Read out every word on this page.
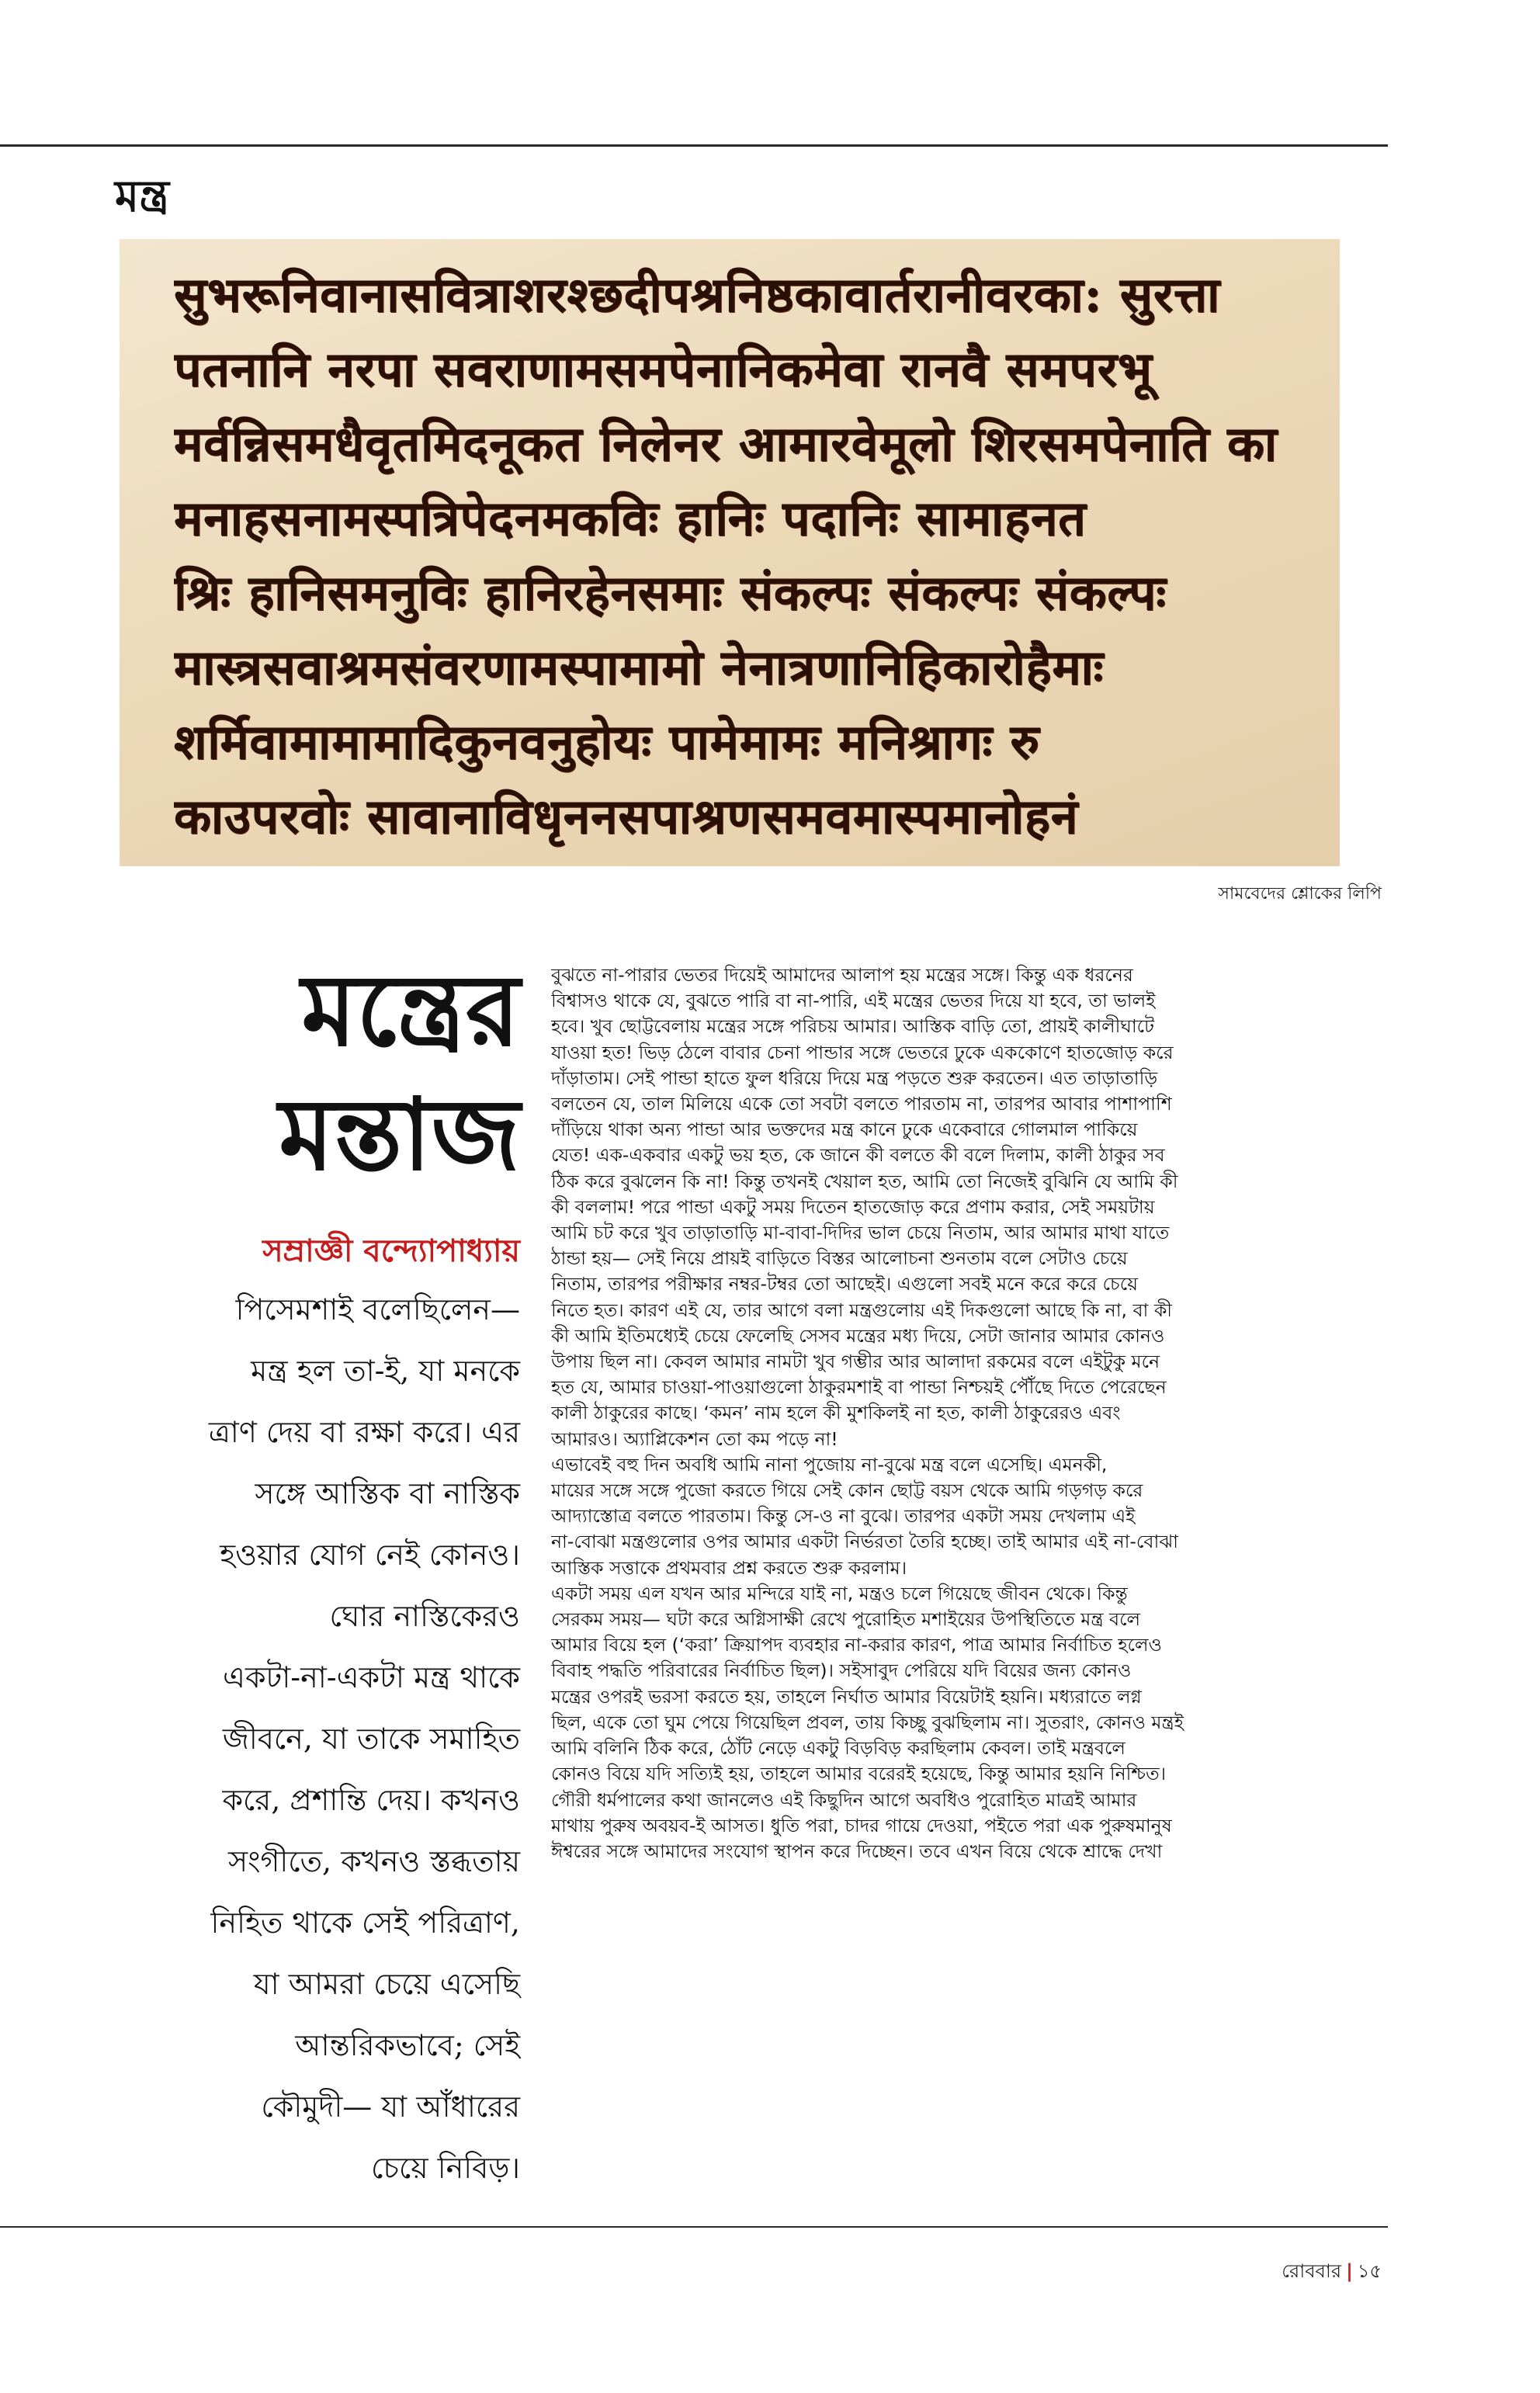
মন্ত্র
सुभरूनिवानासवित्राशरश्छदीपश्रनिष्ठकावार्तरानीवरका: सुरत्ता
पतनानि नरपा सवराणामसमपेनानिकमेवा रानवै समपरभू
मर्वन्निसमधैवृतमिदनूकत निलेनर आमारवेमूलो शिरसमपेनाति का
मनाहसनामस्पत्रिपेदनमकविः हानिः पदानिः सामाहनत
श्रिः हानिसमनुविः हानिरहेनसमाः संकल्पः संकल्पः संकल्पः
मास्त्रसवाश्रमसंवरणामस्पामामो नेनात्रणानिहिकारोहैमाः
शर्मिवामामामादिकुनवनुहोयः पामेमामः मनिश्रागः रु
काउपरवोः सावानाविधृननसपाश्रणसमवमास्पमानोहनं
সামবেদের শ্লোকের লিপি
মন্ত্রের
মন্তাজ
সম্রাজ্ঞী বন্দ্যোপাধ্যায়
পিসেমশাই বলেছিলেন—
মন্ত্র হল তা-ই, যা মনকে
ত্রাণ দেয় বা রক্ষা করে। এর
সঙ্গে আস্তিক বা নাস্তিক
হওয়ার যোগ নেই কোনও।
ঘোর নাস্তিকেরও
একটা-না-একটা মন্ত্র থাকে
জীবনে, যা তাকে সমাহিত
করে, প্রশান্তি দেয়। কখনও
সংগীতে, কখনও স্তব্ধতায়
নিহিত থাকে সেই পরিত্রাণ,
যা আমরা চেয়ে এসেছি
আন্তরিকভাবে; সেই
কৌমুদী— যা আঁধারের
চেয়ে নিবিড়।
বুঝতে না-পারার ভেতর দিয়েই আমাদের আলাপ হয় মন্ত্রের সঙ্গে। কিন্তু এক ধরনের
বিশ্বাসও থাকে যে, বুঝতে পারি বা না-পারি, এই মন্ত্রের ভেতর দিয়ে যা হবে, তা ভালই
হবে। খুব ছোট্টবেলায় মন্ত্রের সঙ্গে পরিচয় আমার। আস্তিক বাড়ি তো, প্রায়ই কালীঘাটে
যাওয়া হত! ভিড় ঠেলে বাবার চেনা পান্ডার সঙ্গে ভেতরে ঢুকে এককোণে হাতজোড় করে
দাঁড়াতাম। সেই পান্ডা হাতে ফুল ধরিয়ে দিয়ে মন্ত্র পড়তে শুরু করতেন। এত তাড়াতাড়ি
বলতেন যে, তাল মিলিয়ে একে তো সবটা বলতে পারতাম না, তারপর আবার পাশাপাশি
দাঁড়িয়ে থাকা অন্য পান্ডা আর ভক্তদের মন্ত্র কানে ঢুকে একেবারে গোলমাল পাকিয়ে
যেত! এক-একবার একটু ভয় হত, কে জানে কী বলতে কী বলে দিলাম, কালী ঠাকুর সব
ঠিক করে বুঝলেন কি না! কিন্তু তখনই খেয়াল হত, আমি তো নিজেই বুঝিনি যে আমি কী
কী বললাম! পরে পান্ডা একটু সময় দিতেন হাতজোড় করে প্রণাম করার, সেই সময়টায়
আমি চট করে খুব তাড়াতাড়ি মা-বাবা-দিদির ভাল চেয়ে নিতাম, আর আমার মাথা যাতে
ঠান্ডা হয়— সেই নিয়ে প্রায়ই বাড়িতে বিস্তর আলোচনা শুনতাম বলে সেটাও চেয়ে
নিতাম, তারপর পরীক্ষার নম্বর-টম্বর তো আছেই। এগুলো সবই মনে করে করে চেয়ে
নিতে হত। কারণ এই যে, তার আগে বলা মন্ত্রগুলোয় এই দিকগুলো আছে কি না, বা কী
কী আমি ইতিমধ্যেই চেয়ে ফেলেছি সেসব মন্ত্রের মধ্য দিয়ে, সেটা জানার আমার কোনও
উপায় ছিল না। কেবল আমার নামটা খুব গম্ভীর আর আলাদা রকমের বলে এইটুকু মনে
হত যে, আমার চাওয়া-পাওয়াগুলো ঠাকুরমশাই বা পান্ডা নিশ্চয়ই পৌঁছে দিতে পেরেছেন
কালী ঠাকুরের কাছে। ‘কমন’ নাম হলে কী মুশকিলই না হত, কালী ঠাকুরেরও এবং
আমারও। অ্যাপ্লিকেশন তো কম পড়ে না!
এভাবেই বহু দিন অবধি আমি নানা পুজোয় না-বুঝে মন্ত্র বলে এসেছি। এমনকী,
মায়ের সঙ্গে সঙ্গে পুজো করতে গিয়ে সেই কোন ছোট্ট বয়স থেকে আমি গড়গড় করে
আদ্যাস্তোত্র বলতে পারতাম। কিন্তু সে-ও না বুঝে। তারপর একটা সময় দেখলাম এই
না-বোঝা মন্ত্রগুলোর ওপর আমার একটা নির্ভরতা তৈরি হচ্ছে। তাই আমার এই না-বোঝা
আস্তিক সত্তাকে প্রথমবার প্রশ্ন করতে শুরু করলাম।
একটা সময় এল যখন আর মন্দিরে যাই না, মন্ত্রও চলে গিয়েছে জীবন থেকে। কিন্তু
সেরকম সময়— ঘটা করে অগ্নিসাক্ষী রেখে পুরোহিত মশাইয়ের উপস্থিতিতে মন্ত্র বলে
আমার বিয়ে হল (‘করা’ ক্রিয়াপদ ব্যবহার না-করার কারণ, পাত্র আমার নির্বাচিত হলেও
বিবাহ পদ্ধতি পরিবারের নির্বাচিত ছিল)। সইসাবুদ পেরিয়ে যদি বিয়ের জন্য কোনও
মন্ত্রের ওপরই ভরসা করতে হয়, তাহলে নির্ঘাত আমার বিয়েটাই হয়নি। মধ্যরাতে লগ্ন
ছিল, একে তো ঘুম পেয়ে গিয়েছিল প্রবল, তায় কিচ্ছু বুঝছিলাম না। সুতরাং, কোনও মন্ত্রই
আমি বলিনি ঠিক করে, ঠোঁট নেড়ে একটু বিড়বিড় করছিলাম কেবল। তাই মন্ত্রবলে
কোনও বিয়ে যদি সত্যিই হয়, তাহলে আমার বরেরই হয়েছে, কিন্তু আমার হয়নি নিশ্চিত।
গৌরী ধর্মপালের কথা জানলেও এই কিছুদিন আগে অবধিও পুরোহিত মাত্রই আমার
মাথায় পুরুষ অবয়ব-ই আসত। ধুতি পরা, চাদর গায়ে দেওয়া, পইতে পরা এক পুরুষমানুষ
ঈশ্বরের সঙ্গে আমাদের সংযোগ স্থাপন করে দিচ্ছেন। তবে এখন বিয়ে থেকে শ্রাদ্ধে দেখা
রোববার | ১৫
